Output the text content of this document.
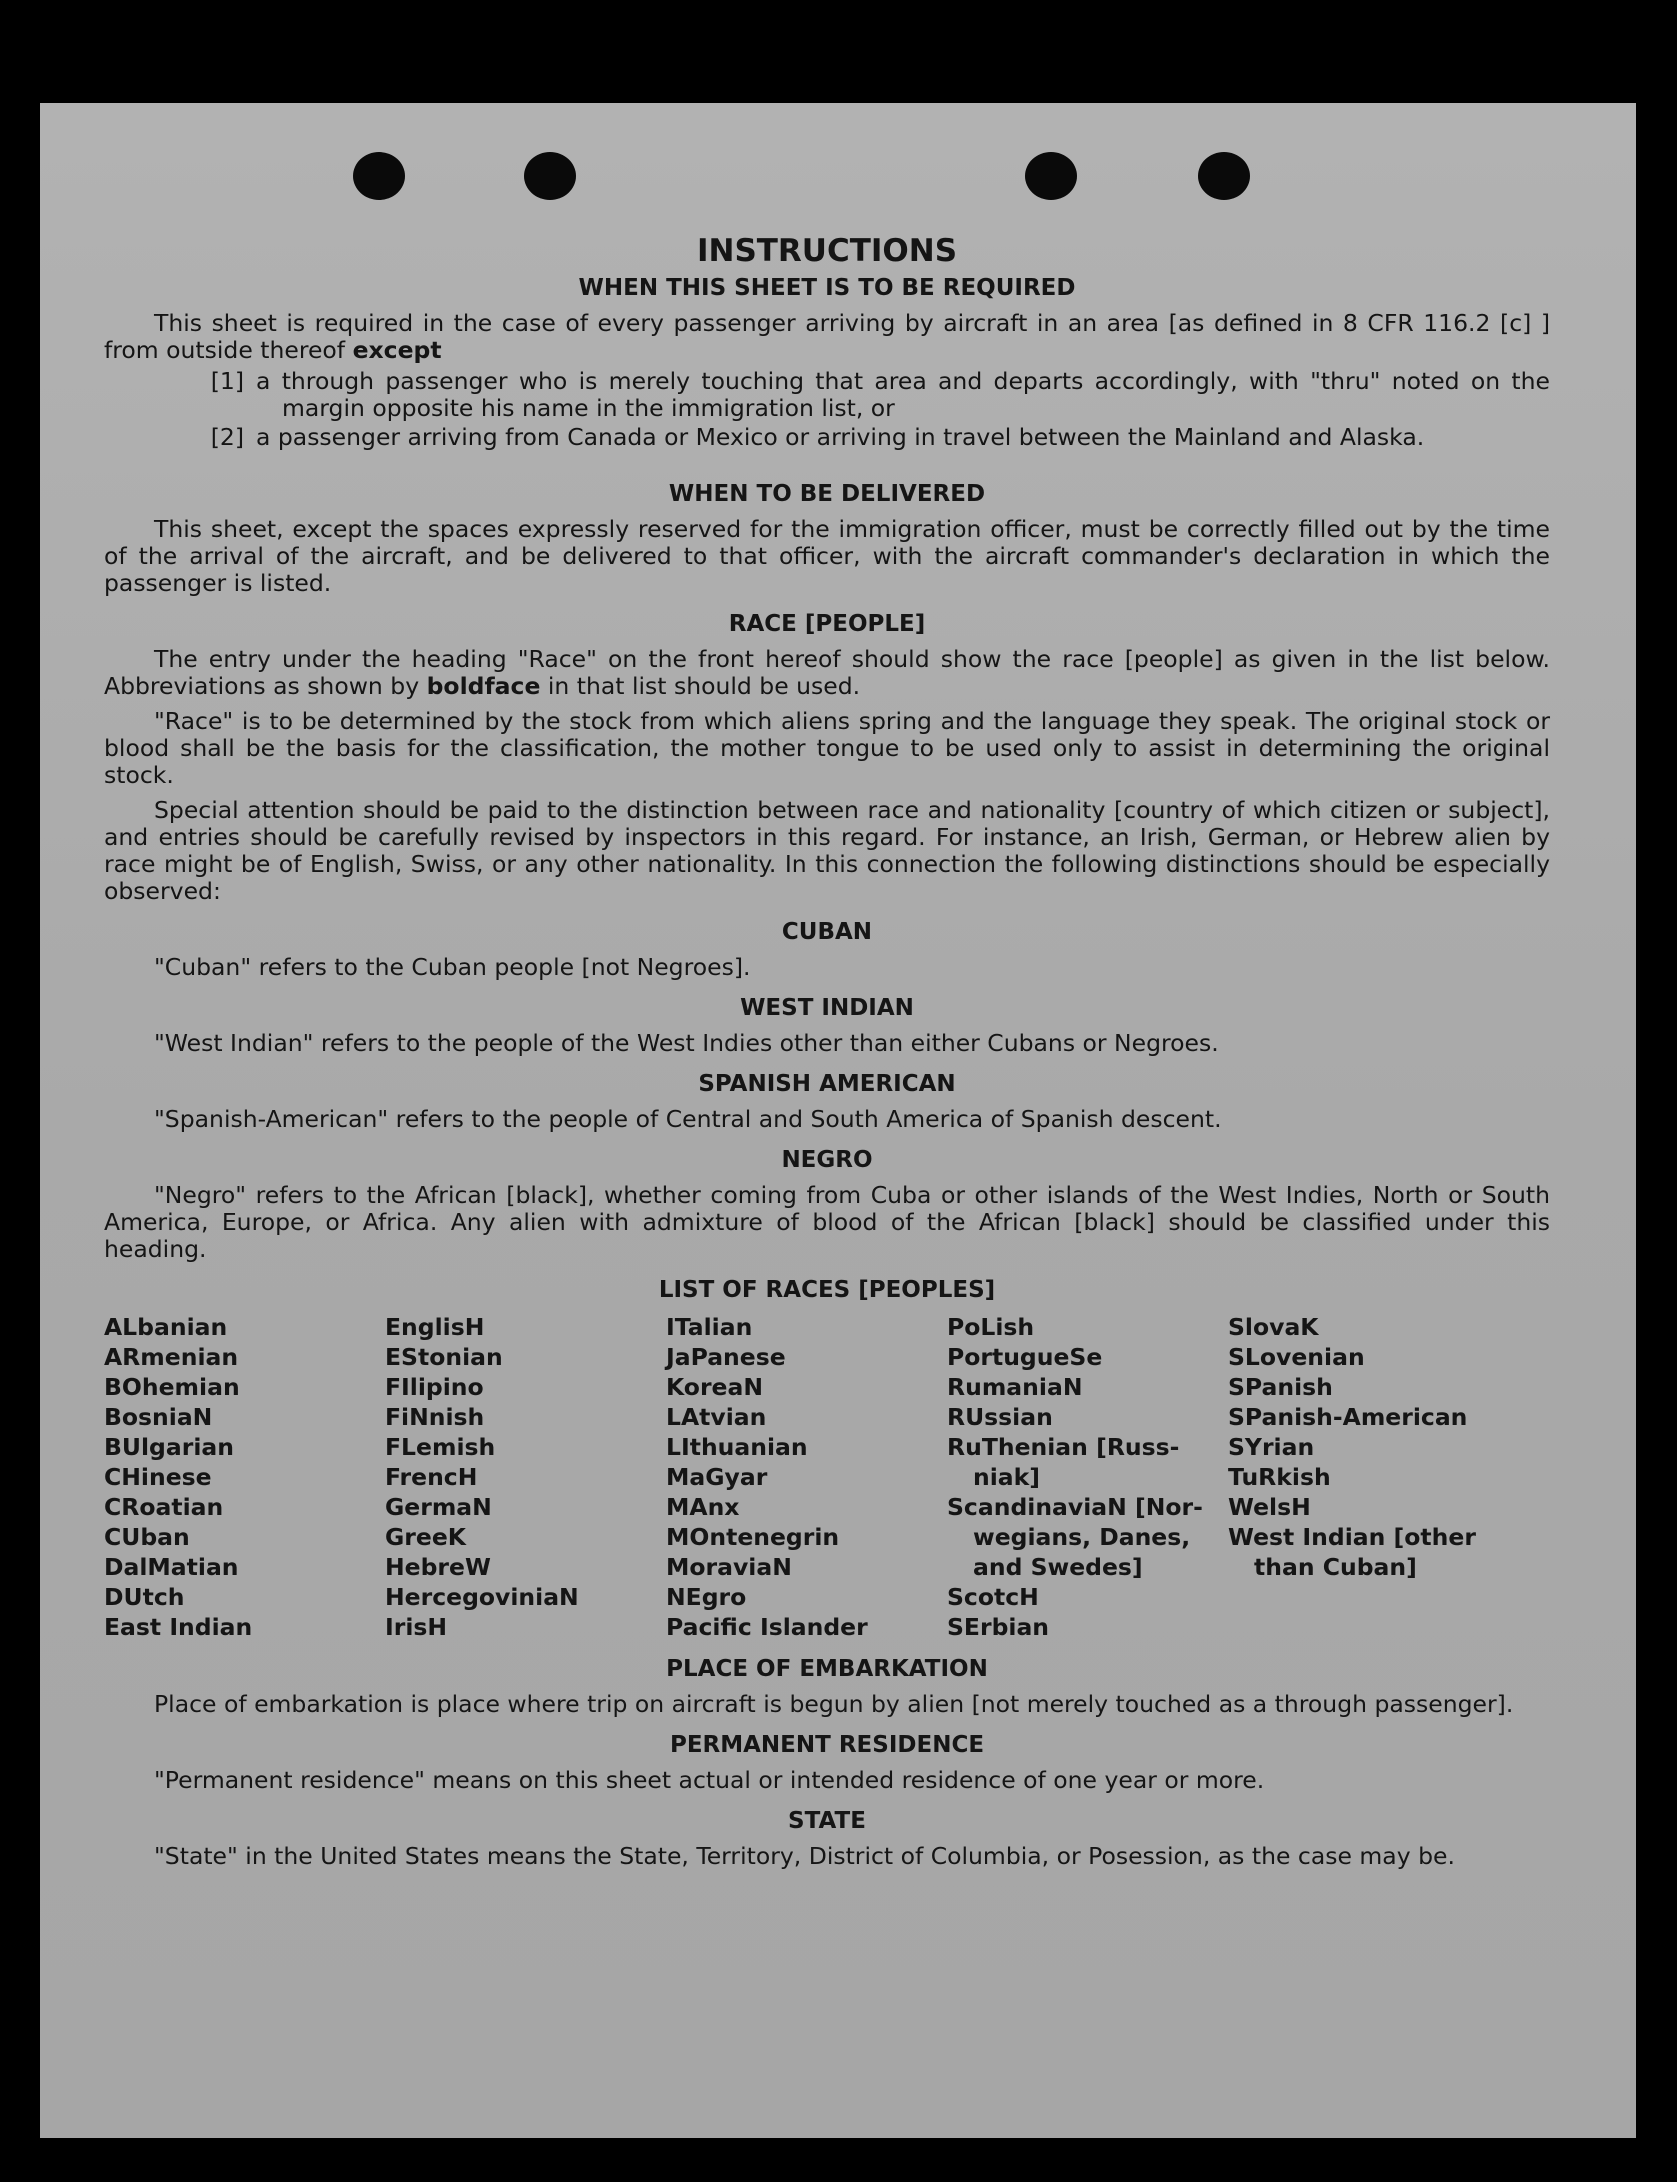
INSTRUCTIONS
WHEN THIS SHEET IS TO BE REQUIRED
This sheet is required in the case of every passenger arriving by aircraft in an area [as defined in 8 CFR 116.2 [c] ] from outside thereof except
[1] a through passenger who is merely touching that area and departs accordingly, with "thru" noted on the margin opposite his name in the immigration list, or
[2] a passenger arriving from Canada or Mexico or arriving in travel between the Mainland and Alaska.
WHEN TO BE DELIVERED
This sheet, except the spaces expressly reserved for the immigration officer, must be correctly filled out by the time of the arrival of the aircraft, and be delivered to that officer, with the aircraft commander's declaration in which the passenger is listed.
RACE [PEOPLE]
The entry under the heading "Race" on the front hereof should show the race [people] as given in the list below. Abbreviations as shown by boldface in that list should be used.
"Race" is to be determined by the stock from which aliens spring and the language they speak. The original stock or blood shall be the basis for the classification, the mother tongue to be used only to assist in determining the original stock.
Special attention should be paid to the distinction between race and nationality [country of which citizen or subject], and entries should be carefully revised by inspectors in this regard. For instance, an Irish, German, or Hebrew alien by race might be of English, Swiss, or any other nationality. In this connection the following distinctions should be especially observed:
CUBAN
"Cuban" refers to the Cuban people [not Negroes].
WEST INDIAN
"West Indian" refers to the people of the West Indies other than either Cubans or Negroes.
SPANISH AMERICAN
"Spanish-American" refers to the people of Central and South America of Spanish descent.
NEGRO
"Negro" refers to the African [black], whether coming from Cuba or other islands of the West Indies, North or South America, Europe, or Africa. Any alien with admixture of blood of the African [black] should be classified under this heading.
LIST OF RACES [PEOPLES]
ALbanian
ARmenian
BOhemian
BosniaN
BUlgarian
CHinese
CRoatian
CUban
DalMatian
DUtch
East Indian
EnglisH
EStonian
FIlipino
FiNnish
FLemish
FrencH
GermaN
GreeK
HebreW
HercegoviniaN
IrisH
ITalian
JaPanese
KoreaN
LAtvian
LIthuanian
MaGyar
MAnx
MOntenegrin
MoraviaN
NEgro
Pacific Islander
PoLish
PortugueSe
RumaniaN
RUssian
RuThenian [Russ-
niak]
ScandinaviaN [Nor-
wegians, Danes,
and Swedes]
ScotcH
SErbian
SlovaK
SLovenian
SPanish
SPanish-American
SYrian
TuRkish
WelsH
West Indian [other
than Cuban]
PLACE OF EMBARKATION
Place of embarkation is place where trip on aircraft is begun by alien [not merely touched as a through passenger].
PERMANENT RESIDENCE
"Permanent residence" means on this sheet actual or intended residence of one year or more.
STATE
"State" in the United States means the State, Territory, District of Columbia, or Posession, as the case may be.
